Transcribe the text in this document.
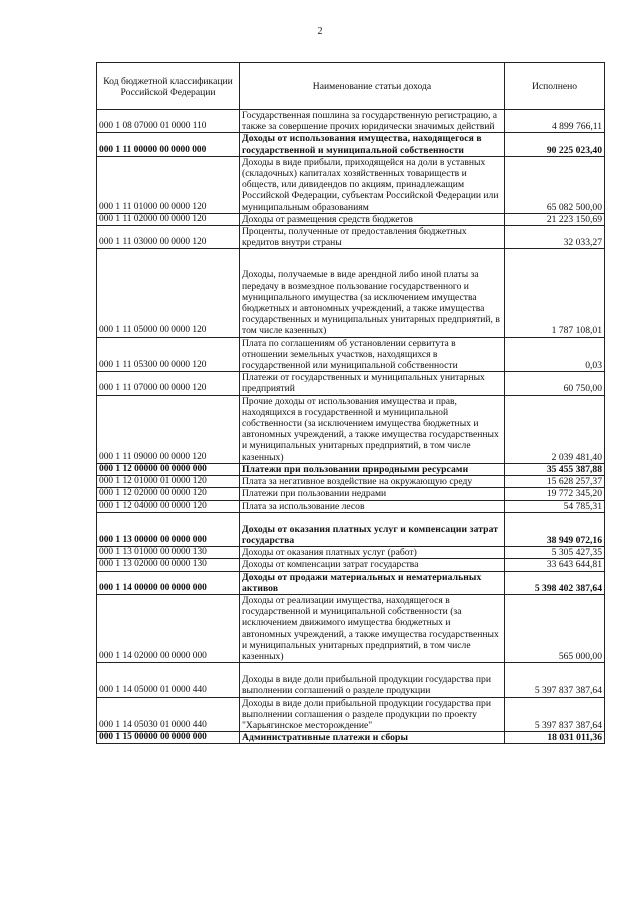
2
Код бюджетной классификации Российской Федерации	Наименование статьи дохода	Исполнено
000 1 08 07000 01 0000 110	Государственная пошлина за государственную регистрацию, а также за совершение прочих юридически значимых действий	4 899 766,11
000 1 11 00000 00 0000 000	Доходы от использования имущества, находящегося в государственной и муниципальной собственности	90 225 023,40
000 1 11 01000 00 0000 120	Доходы в виде прибыли, приходящейся на доли в уставных (складочных) капиталах хозяйственных товариществ и обществ, или дивидендов по акциям, принадлежащим Российской Федерации, субъектам Российской Федерации или муниципальным образованиям	65 082 500,00
000 1 11 02000 00 0000 120	Доходы от размещения средств бюджетов	21 223 150,69
000 1 11 03000 00 0000 120	Проценты, полученные от предоставления бюджетных кредитов внутри страны	32 033,27
000 1 11 05000 00 0000 120	Доходы, получаемые в виде арендной либо иной платы за передачу в возмездное пользование государственного и муниципального имущества (за исключением имущества бюджетных и автономных учреждений, а также имущества государственных и муниципальных унитарных предприятий, в том числе казенных)	1 787 108,01
000 1 11 05300 00 0000 120	Плата по соглашениям об установлении сервитута в отношении земельных участков, находящихся в государственной или муниципальной собственности	0,03
000 1 11 07000 00 0000 120	Платежи от государственных и муниципальных унитарных предприятий	60 750,00
000 1 11 09000 00 0000 120	Прочие доходы от использования имущества и прав, находящихся в государственной и муниципальной собственности (за исключением имущества бюджетных и автономных учреждений, а также имущества государственных и муниципальных унитарных предприятий, в том числе казенных)	2 039 481,40
000 1 12 00000 00 0000 000	Платежи при пользовании природными ресурсами	35 455 387,88
000 1 12 01000 01 0000 120	Плата за негативное воздействие на окружающую среду	15 628 257,37
000 1 12 02000 00 0000 120	Платежи при пользовании недрами	19 772 345,20
000 1 12 04000 00 0000 120	Плата за использование лесов	54 785,31
000 1 13 00000 00 0000 000	Доходы от оказания платных услуг и компенсации затрат государства	38 949 072,16
000 1 13 01000 00 0000 130	Доходы от оказания платных услуг (работ)	5 305 427,35
000 1 13 02000 00 0000 130	Доходы от компенсации затрат государства	33 643 644,81
000 1 14 00000 00 0000 000	Доходы от продажи материальных и нематериальных активов	5 398 402 387,64
000 1 14 02000 00 0000 000	Доходы от реализации имущества, находящегося в государственной и муниципальной собственности (за исключением движимого имущества бюджетных и автономных учреждений, а также имущества государственных и муниципальных унитарных предприятий, в том числе казенных)	565 000,00
000 1 14 05000 01 0000 440	Доходы в виде доли прибыльной продукции государства при выполнении соглашений о разделе продукции	5 397 837 387,64
000 1 14 05030 01 0000 440	Доходы в виде доли прибыльной продукции государства при выполнении соглашения о разделе продукции по проекту "Харьягинское месторождение"	5 397 837 387,64
000 1 15 00000 00 0000 000	Административные платежи и сборы	18 031 011,36
